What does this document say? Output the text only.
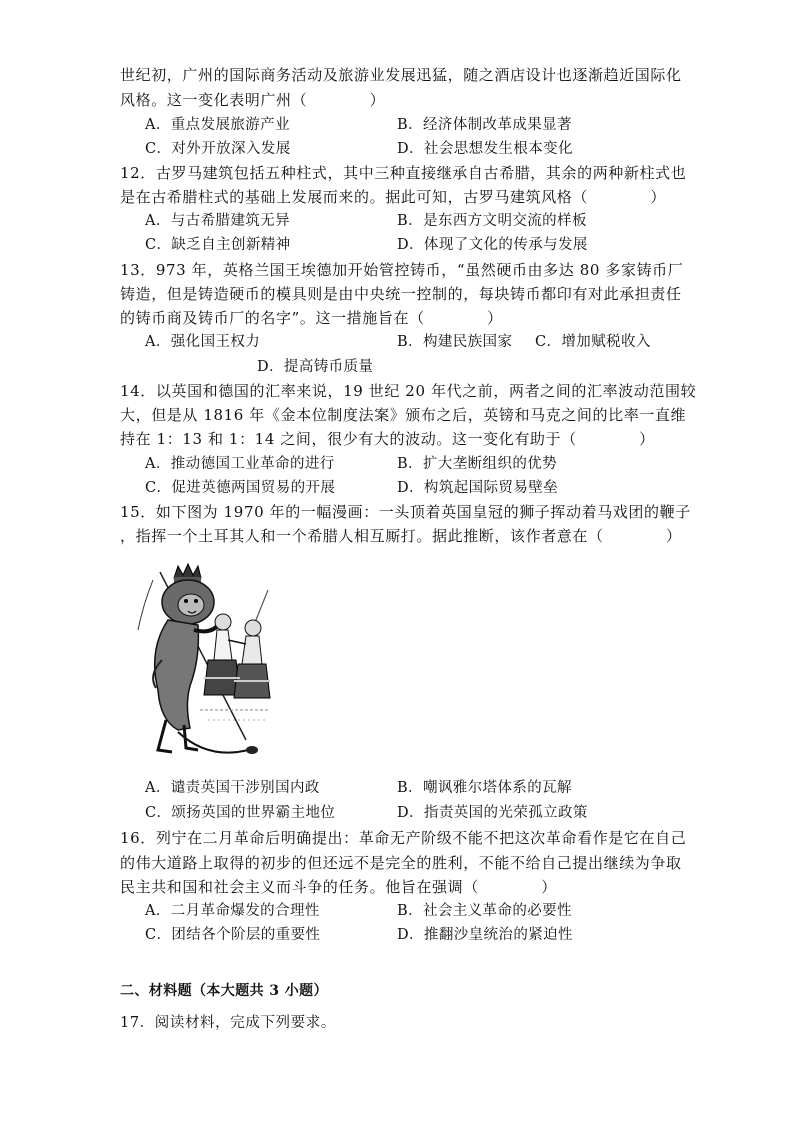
世纪初，广州的国际商务活动及旅游业发展迅猛，随之酒店设计也逐渐趋近国际化
风格。这一变化表明广州（　　　　）
A．重点发展旅游产业	B．经济体制改革成果显著
C．对外开放深入发展	D．社会思想发生根本变化
12．古罗马建筑包括五种柱式，其中三种直接继承自古希腊，其余的两种新柱式也
是在古希腊柱式的基础上发展而来的。据此可知，古罗马建筑风格（　　　　）
A．与古希腊建筑无异	B．是东西方文明交流的样板
C．缺乏自主创新精神	D．体现了文化的传承与发展
13．973 年，英格兰国王埃德加开始管控铸币，“虽然硬币由多达 80 多家铸币厂
铸造，但是铸造硬币的模具则是由中央统一控制的，每块铸币都印有对此承担责任
的铸币商及铸币厂的名字”。这一措施旨在（　　　　）
A．强化国王权力	B．构建民族国家 C．增加赋税收入
D．提高铸币质量
14．以英国和德国的汇率来说，19 世纪 20 年代之前，两者之间的汇率波动范围较
大，但是从 1816 年《金本位制度法案》颁布之后，英镑和马克之间的比率一直维
持在 1：13 和 1：14 之间，很少有大的波动。这一变化有助于（　　　　）
A．推动德国工业革命的进行	B．扩大垄断组织的优势
C．促进英德两国贸易的开展	D．构筑起国际贸易壁垒
15．如下图为 1970 年的一幅漫画：一头顶着英国皇冠的狮子挥动着马戏团的鞭子
，指挥一个土耳其人和一个希腊人相互厮打。据此推断，该作者意在（　　　　）
A．谴责英国干涉别国内政	B．嘲讽雅尔塔体系的瓦解
C．颂扬英国的世界霸主地位	D．指责英国的光荣孤立政策
16．列宁在二月革命后明确提出：革命无产阶级不能不把这次革命看作是它在自己
的伟大道路上取得的初步的但还远不是完全的胜利，不能不给自己提出继续为争取
民主共和国和社会主义而斗争的任务。他旨在强调（　　　　）
A．二月革命爆发的合理性	B．社会主义革命的必要性
C．团结各个阶层的重要性	D．推翻沙皇统治的紧迫性
二、材料题（本大题共 3 小题）
17．阅读材料，完成下列要求。
